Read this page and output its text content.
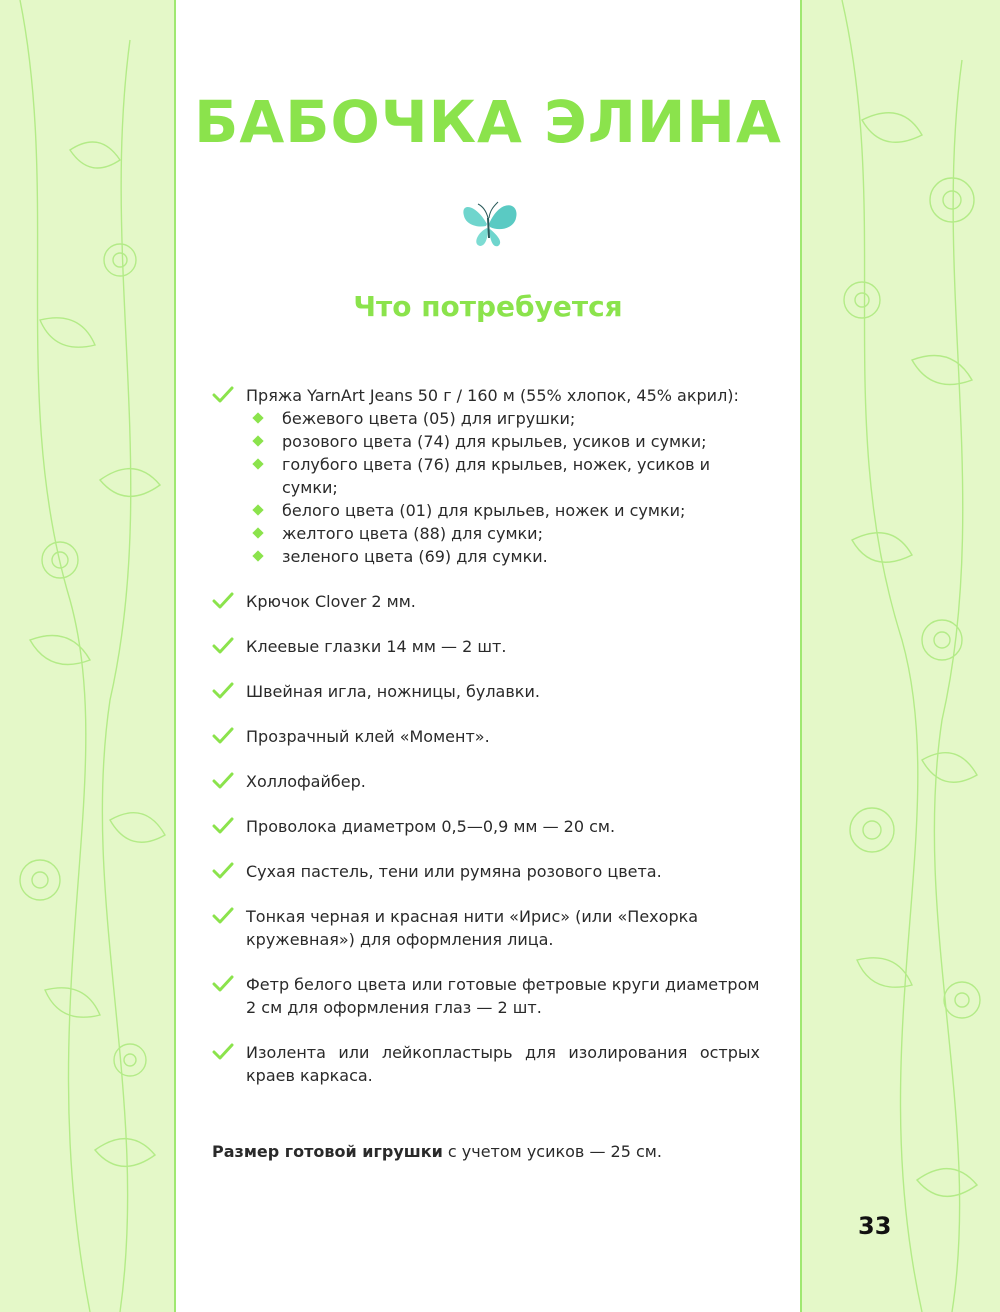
БАБОЧКА ЭЛИНА
Что потребуется
Пряжа YarnArt Jeans 50 г / 160 м (55% хлопок, 45% акрил):
бежевого цвета (05) для игрушки;
розового цвета (74) для крыльев, усиков и сумки;
голубого цвета (76) для крыльев, ножек, усиков и сумки;
белого цвета (01) для крыльев, ножек и сумки;
желтого цвета (88) для сумки;
зеленого цвета (69) для сумки.
Крючок Clover 2 мм.
Клеевые глазки 14 мм — 2 шт.
Швейная игла, ножницы, булавки.
Прозрачный клей «Момент».
Холлофайбер.
Проволока диаметром 0,5—0,9 мм — 20 см.
Сухая пастель, тени или румяна розового цвета.
Тонкая черная и красная нити «Ирис» (или «Пехорка кружевная») для оформления лица.
Фетр белого цвета или готовые фетровые круги диаметром 2 см для оформления глаз — 2 шт.
Изолента или лейкопластырь для изолирования острых краев каркаса.

Размер готовой игрушки с учетом усиков — 25 см.

33
